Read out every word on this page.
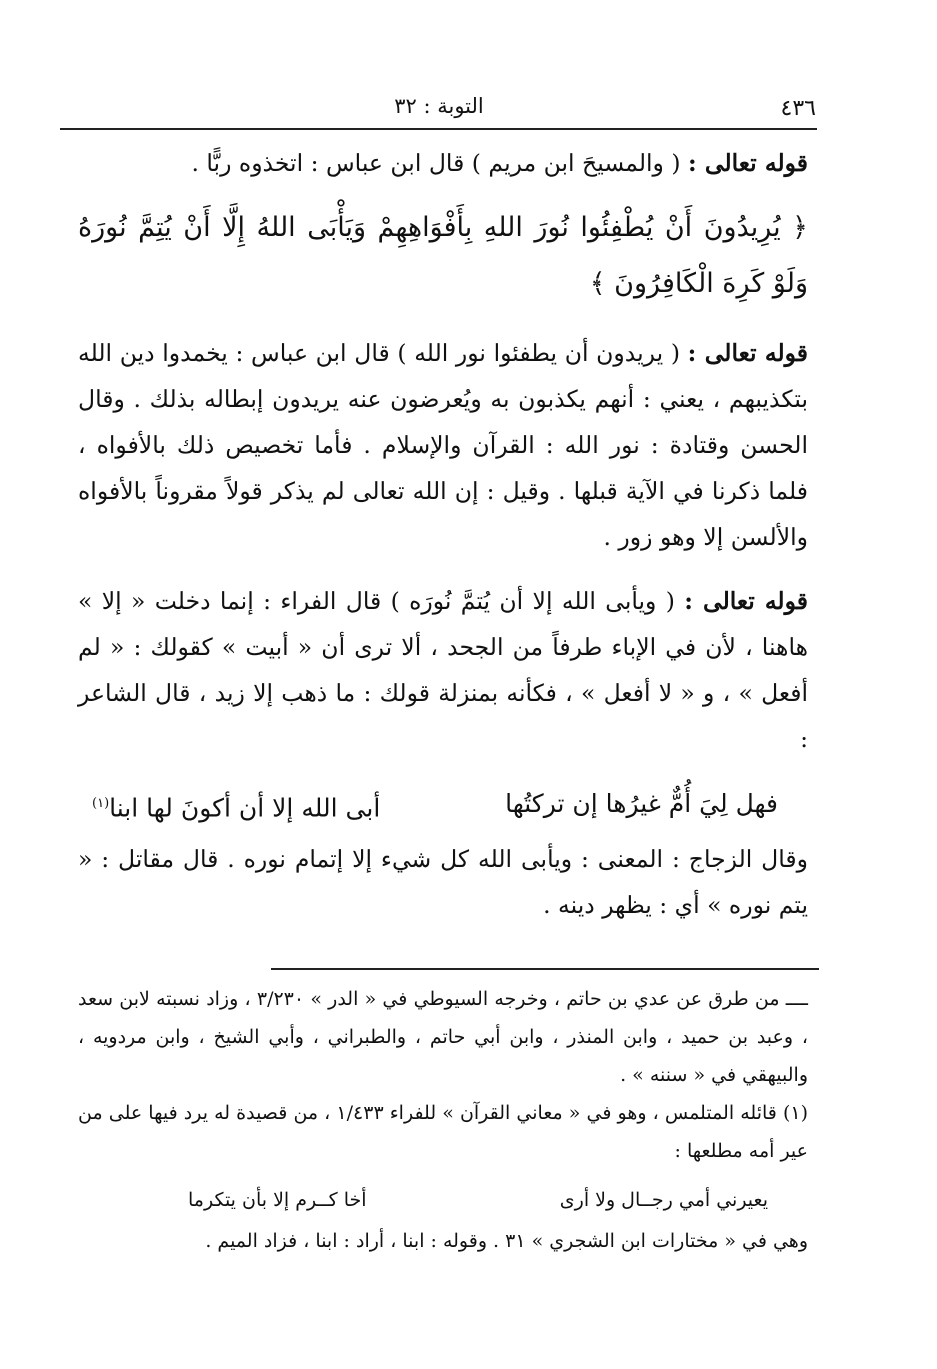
٤٣٦
التوبة : ٣٢

قوله تعالى : ( والمسيحَ ابن مريم ) قال ابن عباس : اتخذوه ربًّا .

﴿ يُرِيدُونَ أَنْ يُطْفِئُوا نُورَ اللهِ بِأَفْوَاهِهِمْ وَيَأْبَى اللهُ إِلَّا أَنْ يُتِمَّ نُورَهُ وَلَوْ كَرِهَ الْكَافِرُونَ ﴾

قوله تعالى : ( يريدون أن يطفئوا نور الله ) قال ابن عباس : يخمدوا دين الله بتكذيبهم ، يعني : أنهم يكذبون به ويُعرضون عنه يريدون إبطاله بذلك . وقال الحسن وقتادة : نور الله : القرآن والإسلام . فأما تخصيص ذلك بالأفواه ، فلما ذكرنا في الآية قبلها . وقيل : إن الله تعالى لم يذكر قولاً مقروناً بالأفواه والألسن إلا وهو زور .

قوله تعالى : ( ويأبى الله إلا أن يُتمَّ نُورَه ) قال الفراء : إنما دخلت « إلا » هاهنا ، لأن في الإباء طرفاً من الجحد ، ألا ترى أن « أبيت » كقولك : « لم أفعل » ، و « لا أفعل » ، فكأنه بمنزلة قولك : ما ذهب إلا زيد ، قال الشاعر :

فهل لِيَ أُمٌّ غيرُها إن تركتُها
أبى الله إلا أن أكونَ لها ابنا$^{(١)}$

وقال الزجاج : المعنى : ويأبى الله كل شيء إلا إتمام نوره . قال مقاتل : « يتم نوره » أي : يظهر دينه .

ــــ من طرق عن عدي بن حاتم ، وخرجه السيوطي في « الدر » ٣/٢٣٠ ، وزاد نسبته لابن سعد ، وعبد بن حميد ، وابن المنذر ، وابن أبي حاتم ، والطبراني ، وأبي الشيخ ، وابن مردويه ، والبيهقي في « سننه » .

(١) قائله المتلمس ، وهو في « معاني القرآن » للفراء ١/٤٣٣ ، من قصيدة له يرد فيها على من عير أمه مطلعها :

يعيرني أمي رجــال ولا أرى
أخا كــرم إلا بأن يتكرما

وهي في « مختارات ابن الشجري » ٣١ . وقوله : ابنا ، أراد : ابنا ، فزاد الميم .
